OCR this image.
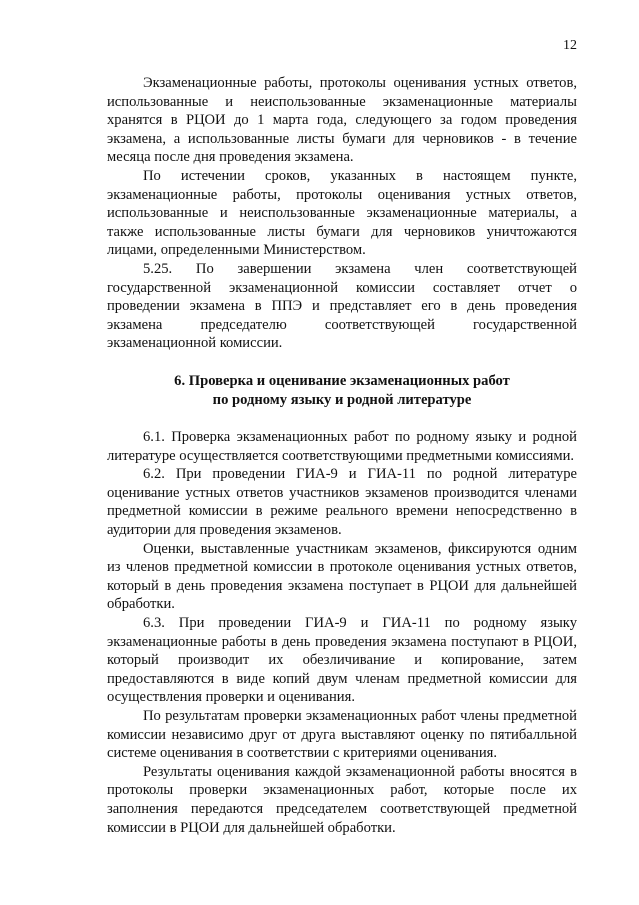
12

Экзаменационные работы, протоколы оценивания устных ответов, использованные и неиспользованные экзаменационные материалы хранятся в РЦОИ до 1 марта года, следующего за годом проведения экзамена, а использованные листы бумаги для черновиков - в течение месяца после дня проведения экзамена.

По истечении сроков, указанных в настоящем пункте, экзаменационные работы, протоколы оценивания устных ответов, использованные и неиспользованные экзаменационные материалы, а также использованные листы бумаги для черновиков уничтожаются лицами, определенными Министерством.

5.25. По завершении экзамена член соответствующей государственной экзаменационной комиссии составляет отчет о проведении экзамена в ППЭ и представляет его в день проведения экзамена председателю соответствующей государственной экзаменационной комиссии.

6. Проверка и оценивание экзаменационных работ
по родному языку и родной литературе

6.1. Проверка экзаменационных работ по родному языку и родной литературе осуществляется соответствующими предметными комиссиями.

6.2. При проведении ГИА-9 и ГИА-11 по родной литературе оценивание устных ответов участников экзаменов производится членами предметной комиссии в режиме реального времени непосредственно в аудитории для проведения экзаменов.

Оценки, выставленные участникам экзаменов, фиксируются одним из членов предметной комиссии в протоколе оценивания устных ответов, который в день проведения экзамена поступает в РЦОИ для дальнейшей обработки.

6.3. При проведении ГИА-9 и ГИА-11 по родному языку экзаменационные работы в день проведения экзамена поступают в РЦОИ, который производит их обезличивание и копирование, затем предоставляются в виде копий двум членам предметной комиссии для осуществления проверки и оценивания.

По результатам проверки экзаменационных работ члены предметной комиссии независимо друг от друга выставляют оценку по пятибалльной системе оценивания в соответствии с критериями оценивания.

Результаты оценивания каждой экзаменационной работы вносятся в протоколы проверки экзаменационных работ, которые после их заполнения передаются председателем соответствующей предметной комиссии в РЦОИ для дальнейшей обработки.
